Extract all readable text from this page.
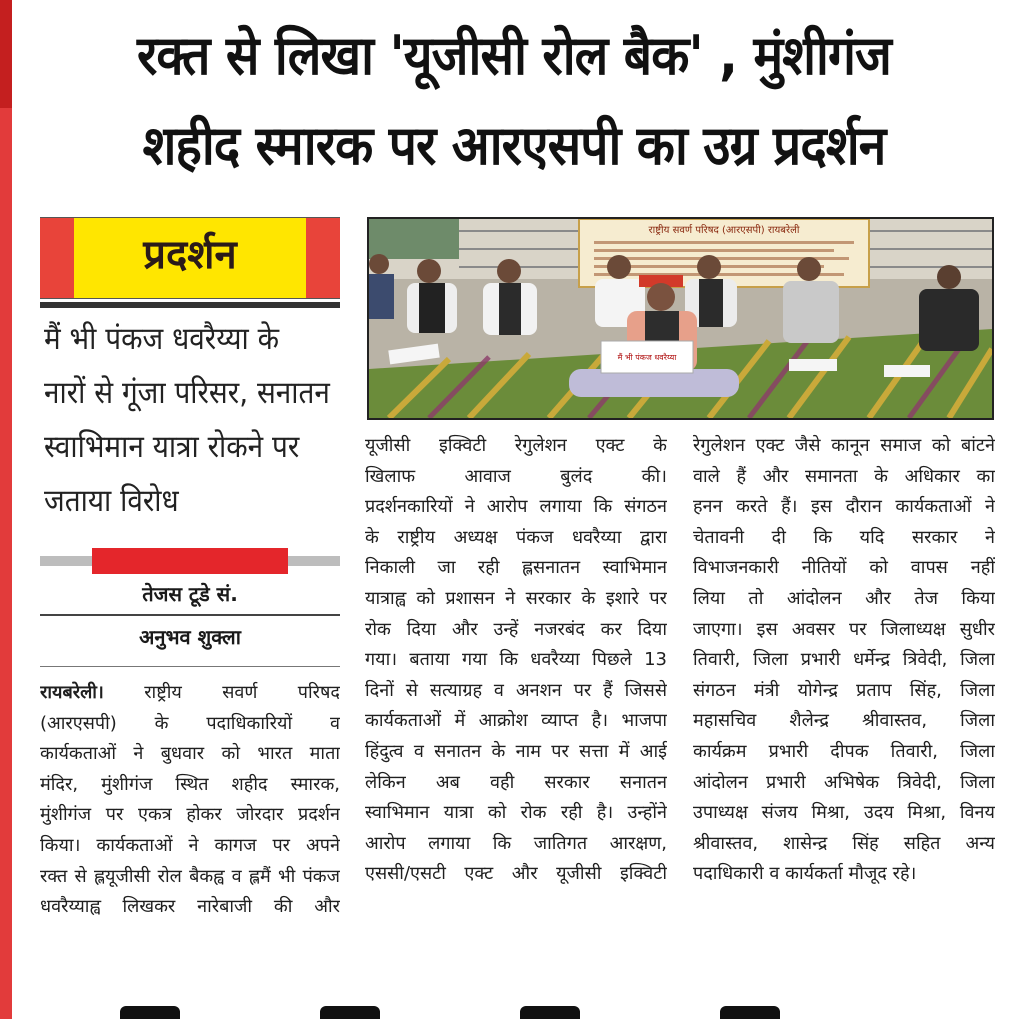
रक्त से लिखा 'यूजीसी रोल बैक' , मुंशीगंज
शहीद स्मारक पर आरएसपी का उग्र प्रदर्शन
प्रदर्शन
मैं भी पंकज धवरैय्या के
नारों से गूंजा परिसर, सनातन
स्वाभिमान यात्रा रोकने पर
जताया विरोध
तेजस टूडे सं.
अनुभव शुक्ला
राष्ट्रीय सवर्ण परिषद (आरएसपी) रायबरेली
मैं भी पंकज धवरैय्या
रायबरेली। राष्ट्रीय सवर्ण परिषद
(आरएसपी) के पदाधिकारियों व
कार्यकताओं ने बुधवार को भारत माता
मंदिर, मुंशीगंज स्थित शहीद स्मारक,
मुंशीगंज पर एकत्र होकर जोरदार प्रदर्शन
किया। कार्यकताओं ने कागज पर अपने
रक्त से ह्लयूजीसी रोल बैकह्व व ह्लमैं भी पंकज
धवरैय्याह्व लिखकर नारेबाजी की और
यूजीसी इक्विटी रेगुलेशन एक्ट के
खिलाफ आवाज बुलंद की।
प्रदर्शनकारियों ने आरोप लगाया कि संगठन
के राष्ट्रीय अध्यक्ष पंकज धवरैय्या द्वारा
निकाली जा रही ह्लसनातन स्वाभिमान
यात्राह्व को प्रशासन ने सरकार के इशारे पर
रोक दिया और उन्हें नजरबंद कर दिया
गया। बताया गया कि धवरैय्या पिछले 13
दिनों से सत्याग्रह व अनशन पर हैं जिससे
कार्यकताओं में आक्रोश व्याप्त है। भाजपा
हिंदुत्व व सनातन के नाम पर सत्ता में आई
लेकिन अब वही सरकार सनातन
स्वाभिमान यात्रा को रोक रही है। उन्होंने
आरोप लगाया कि जातिगत आरक्षण,
एससी/एसटी एक्ट और यूजीसी इक्विटी
रेगुलेशन एक्ट जैसे कानून समाज को बांटने
वाले हैं और समानता के अधिकार का
हनन करते हैं। इस दौरान कार्यकताओं ने
चेतावनी दी कि यदि सरकार ने
विभाजनकारी नीतियों को वापस नहीं
लिया तो आंदोलन और तेज किया
जाएगा। इस अवसर पर जिलाध्यक्ष सुधीर
तिवारी, जिला प्रभारी धर्मेन्द्र त्रिवेदी, जिला
संगठन मंत्री योगेन्द्र प्रताप सिंह, जिला
महासचिव शैलेन्द्र श्रीवास्तव, जिला
कार्यक्रम प्रभारी दीपक तिवारी, जिला
आंदोलन प्रभारी अभिषेक त्रिवेदी, जिला
उपाध्यक्ष संजय मिश्रा, उदय मिश्रा, विनय
श्रीवास्तव, शासेन्द्र सिंह सहित अन्य
पदाधिकारी व कार्यकर्ता मौजूद रहे।
